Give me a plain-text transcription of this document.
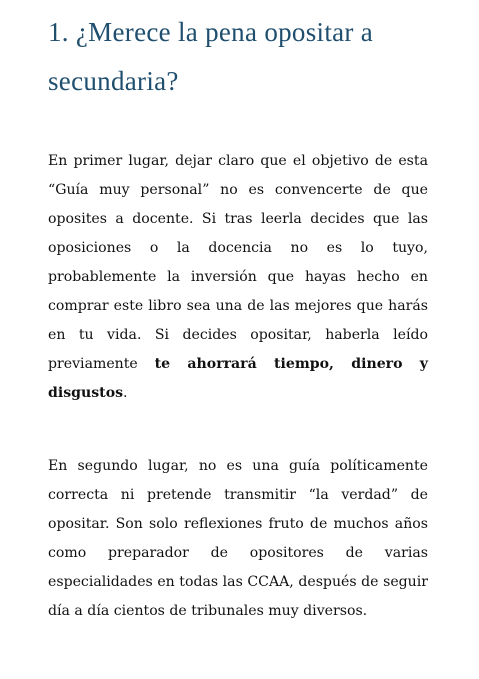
1. ¿Merece la pena opositar a secundaria?

En primer lugar, dejar claro que el objetivo de esta “Guía muy personal” no es convencerte de que oposites a docente. Si tras leerla decides que las oposiciones o la docencia no es lo tuyo, probablemente la inversión que hayas hecho en comprar este libro sea una de las mejores que harás en tu vida. Si decides opositar, haberla leído previamente te ahorrará tiempo, dinero y disgustos.

En segundo lugar, no es una guía políticamente correcta ni pretende transmitir “la verdad” de opositar. Son solo reflexiones fruto de muchos años como preparador de opositores de varias especialidades en todas las CCAA, después de seguir día a día cientos de tribunales muy diversos.
